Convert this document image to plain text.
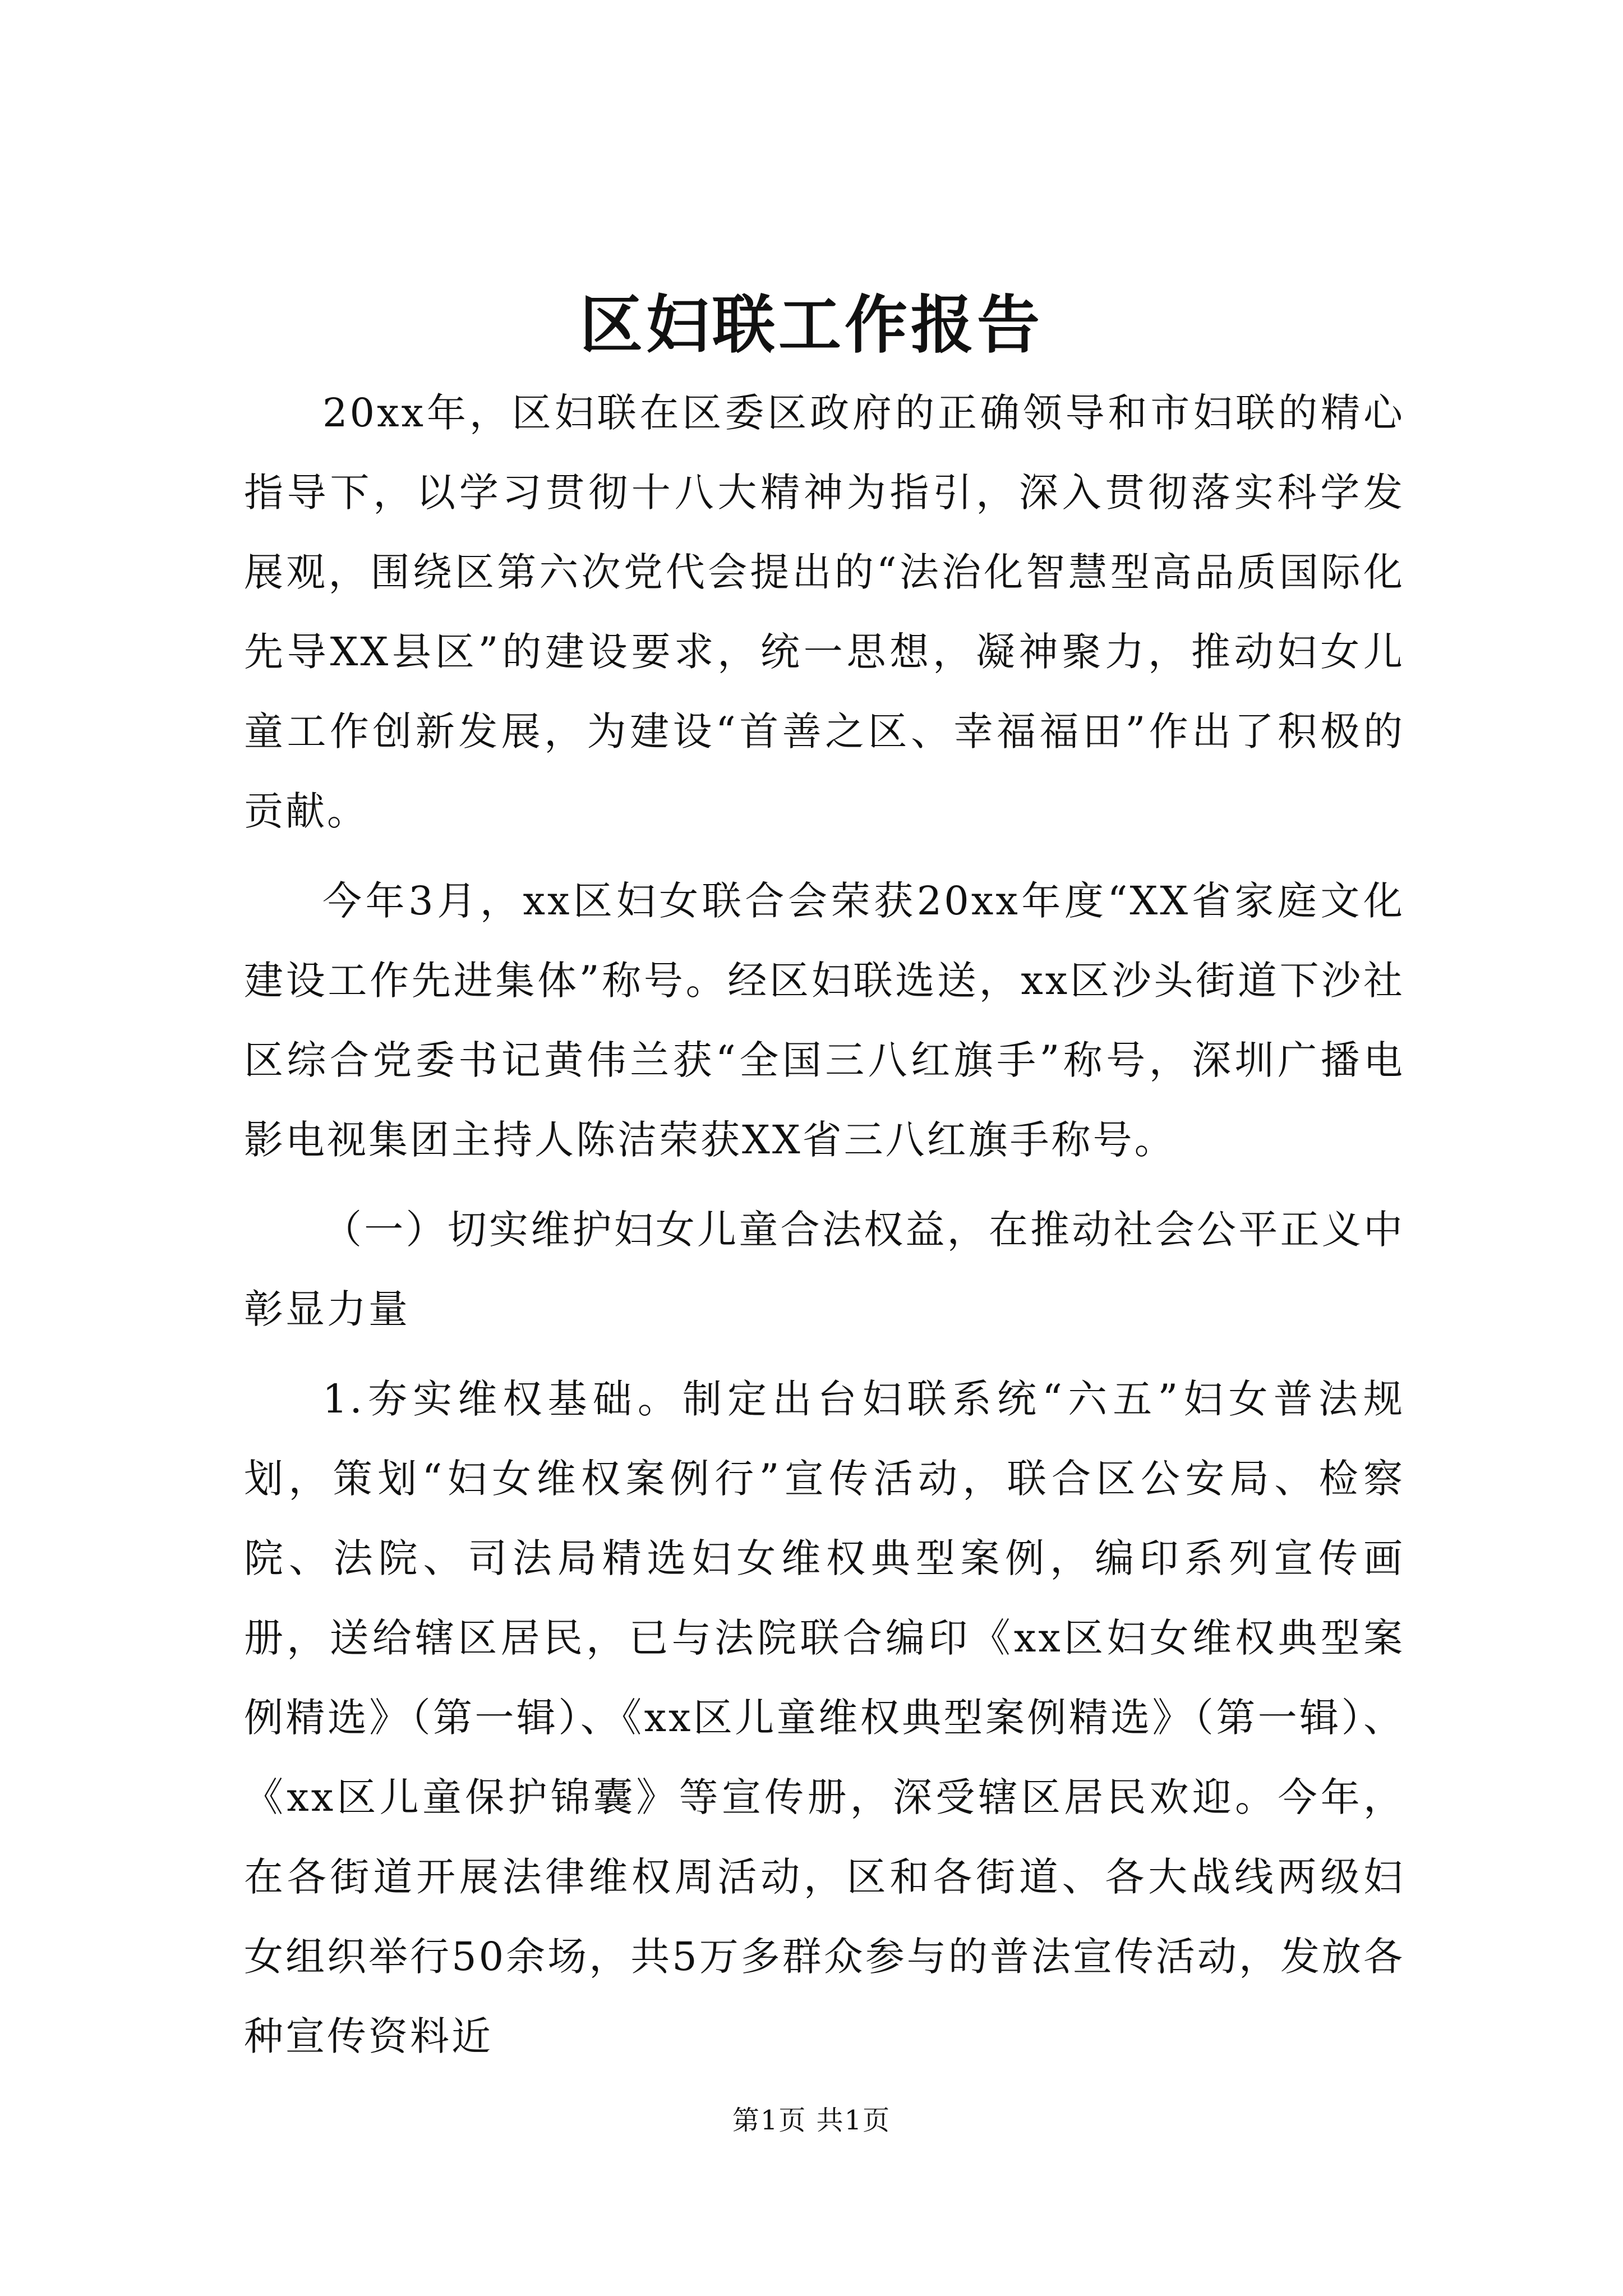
区妇联工作报告

20xx年，区妇联在区委区政府的正确领导和市妇联的精心指导下，以学习贯彻十八大精神为指引，深入贯彻落实科学发展观，围绕区第六次党代会提出的“法治化智慧型高品质国际化先导XX县区”的建设要求，统一思想，凝神聚力，推动妇女儿童工作创新发展，为建设“首善之区、幸福福田”作出了积极的贡献。

今年3月，xx区妇女联合会荣获20xx年度“XX省家庭文化建设工作先进集体”称号。经区妇联选送，xx区沙头街道下沙社区综合党委书记黄伟兰获“全国三八红旗手”称号，深圳广播电影电视集团主持人陈洁荣获XX省三八红旗手称号。

（一）切实维护妇女儿童合法权益，在推动社会公平正义中彰显力量

1.夯实维权基础。制定出台妇联系统“六五”妇女普法规划，策划“妇女维权案例行”宣传活动，联合区公安局、检察院、法院、司法局精选妇女维权典型案例，编印系列宣传画册，送给辖区居民，已与法院联合编印《xx区妇女维权典型案例精选》（第一辑）、《xx区儿童维权典型案例精选》（第一辑）、《xx区儿童保护锦囊》等宣传册，深受辖区居民欢迎。今年，在各街道开展法律维权周活动，区和各街道、各大战线两级妇女组织举行50余场，共5万多群众参与的普法宣传活动，发放各种宣传资料近

第1页 共1页
